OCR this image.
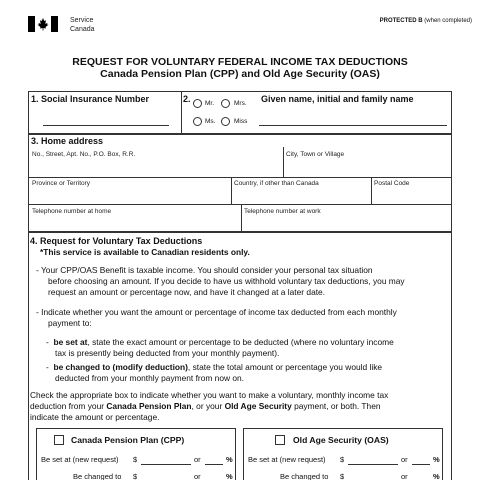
Service
Canada
PROTECTED B (when completed)
REQUEST FOR VOLUNTARY FEDERAL INCOME TAX DEDUCTIONS
Canada Pension Plan (CPP) and Old Age Security (OAS)
1. Social Insurance Number	2. Mr.	Mrs.
Ms.	Miss
Given name, initial and family name
3. Home address
No., Street, Apt. No., P.O. Box, R.R.	City, Town or Village
Province or Territory	Country, if other than Canada	Postal Code
Telephone number at home	Telephone number at work
4. Request for Voluntary Tax Deductions
*This service is available to Canadian residents only.
- Your CPP/OAS Benefit is taxable income. You should consider your personal tax situation
before choosing an amount. If you decide to have us withhold voluntary tax deductions, you may
request an amount or percentage now, and have it changed at a later date.
- Indicate whether you want the amount or percentage of income tax deducted from each monthly
payment to:
-  be set at, state the exact amount or percentage to be deducted (where no voluntary income
tax is presently being deducted from your monthly payment).
-  be changed to (modify deduction), state the total amount or percentage you would like
deducted from your monthly payment from now on.
Check the appropriate box to indicate whether you want to make a voluntary, monthly income tax
deduction from your Canada Pension Plan, or your Old Age Security payment, or both. Then
indicate the amount or percentage.
Canada Pension Plan (CPP)
Be set at (new request) $	or	%
Be changed to $	or	%
Old Age Security (OAS)
Be set at (new request) $	or	%
Be changed to $	or	%
